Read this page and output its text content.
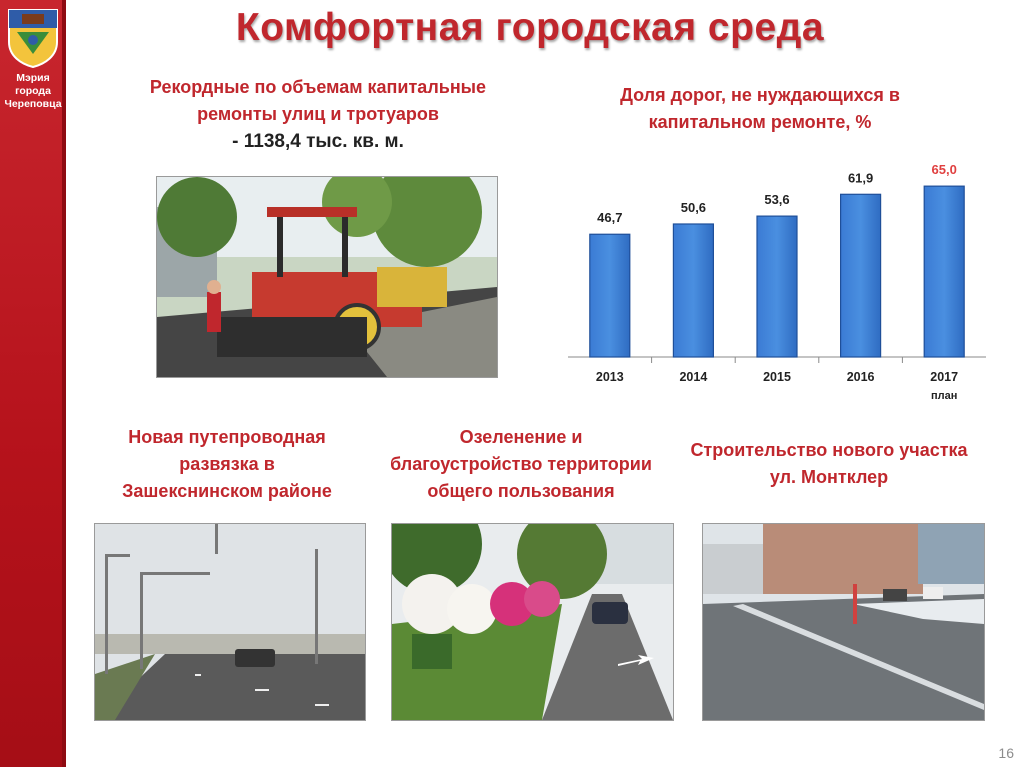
Мэрия
города
Череповца
Комфортная городская среда
Рекордные по объемам капитальные
ремонты улиц и тротуаров
- 1138,4 тыс. кв. м.
Доля дорог, не нуждающихся в
капитальном ремонте, %
46,7
2013
50,6
2014
53,6
2015
61,9
2016
65,0
2017
план
Новая путепроводная
развязка в
Зашекснинском районе
Озеленение и
благоустройство территории
общего пользования
Строительство нового участка
ул. Монтклер
16
